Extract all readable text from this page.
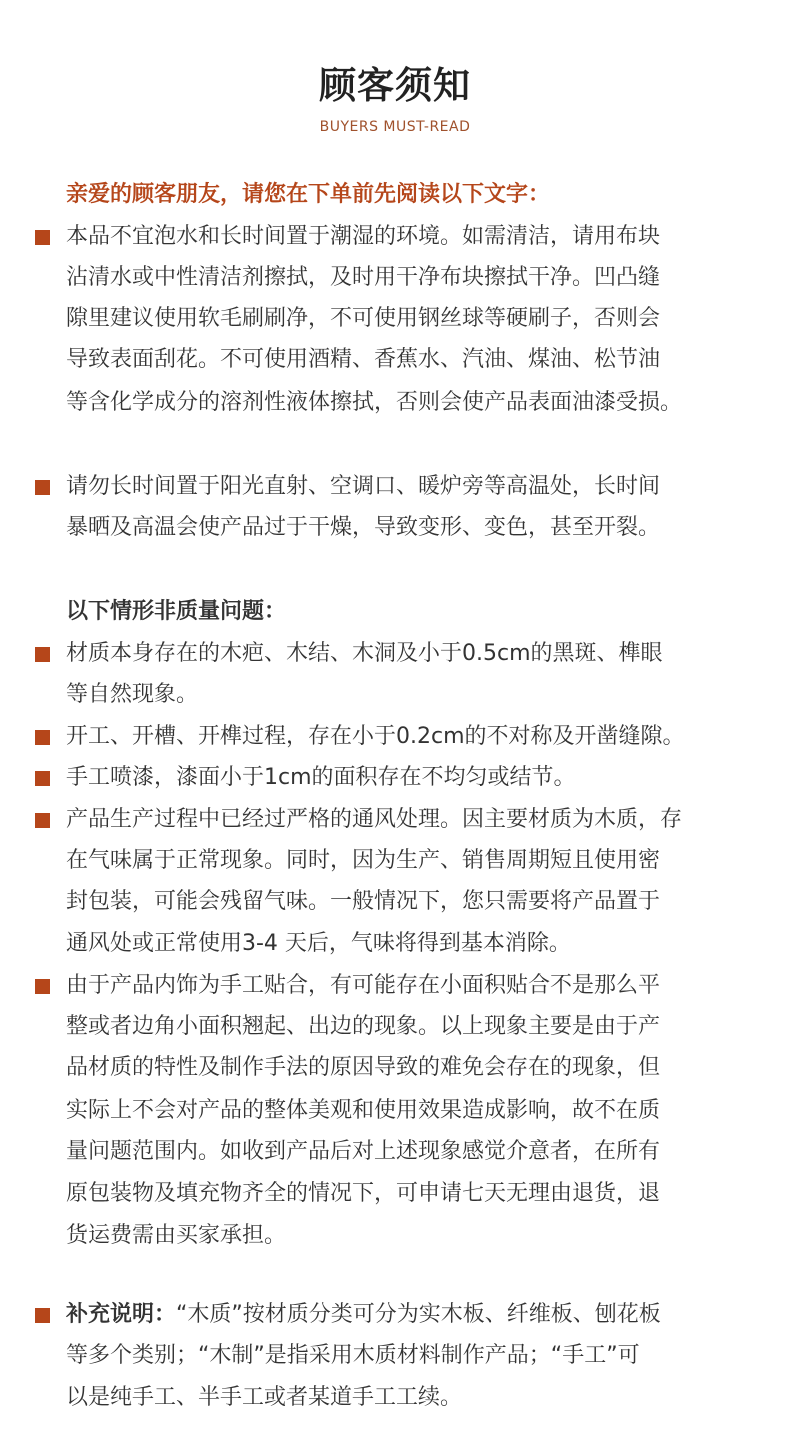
顾客须知
BUYERS MUST-READ
亲爱的顾客朋友，请您在下单前先阅读以下文字：
本品不宜泡水和长时间置于潮湿的环境。如需清洁，请用布块
沾清水或中性清洁剂擦拭，及时用干净布块擦拭干净。凹凸缝
隙里建议使用软毛刷刷净，不可使用钢丝球等硬刷子，否则会
导致表面刮花。不可使用酒精、香蕉水、汽油、煤油、松节油
等含化学成分的溶剂性液体擦拭，否则会使产品表面油漆受损。
请勿长时间置于阳光直射、空调口、暖炉旁等高温处，长时间
暴晒及高温会使产品过于干燥，导致变形、变色，甚至开裂。
以下情形非质量问题：
材质本身存在的木疤、木结、木洞及小于0.5cm的黑斑、榫眼
等自然现象。
开工、开槽、开榫过程，存在小于0.2cm的不对称及开凿缝隙。
手工喷漆，漆面小于1cm的面积存在不均匀或结节。
产品生产过程中已经过严格的通风处理。因主要材质为木质，存
在气味属于正常现象。同时，因为生产、销售周期短且使用密
封包装，可能会残留气味。一般情况下，您只需要将产品置于
通风处或正常使用3-4 天后，气味将得到基本消除。
由于产品内饰为手工贴合，有可能存在小面积贴合不是那么平
整或者边角小面积翘起、出边的现象。以上现象主要是由于产
品材质的特性及制作手法的原因导致的难免会存在的现象，但
实际上不会对产品的整体美观和使用效果造成影响，故不在质
量问题范围内。如收到产品后对上述现象感觉介意者，在所有
原包装物及填充物齐全的情况下，可申请七天无理由退货，退
货运费需由买家承担。
补充说明：“木质”按材质分类可分为实木板、纤维板、刨花板
等多个类别；“木制”是指采用木质材料制作产品；“手工”可
以是纯手工、半手工或者某道手工工续。
